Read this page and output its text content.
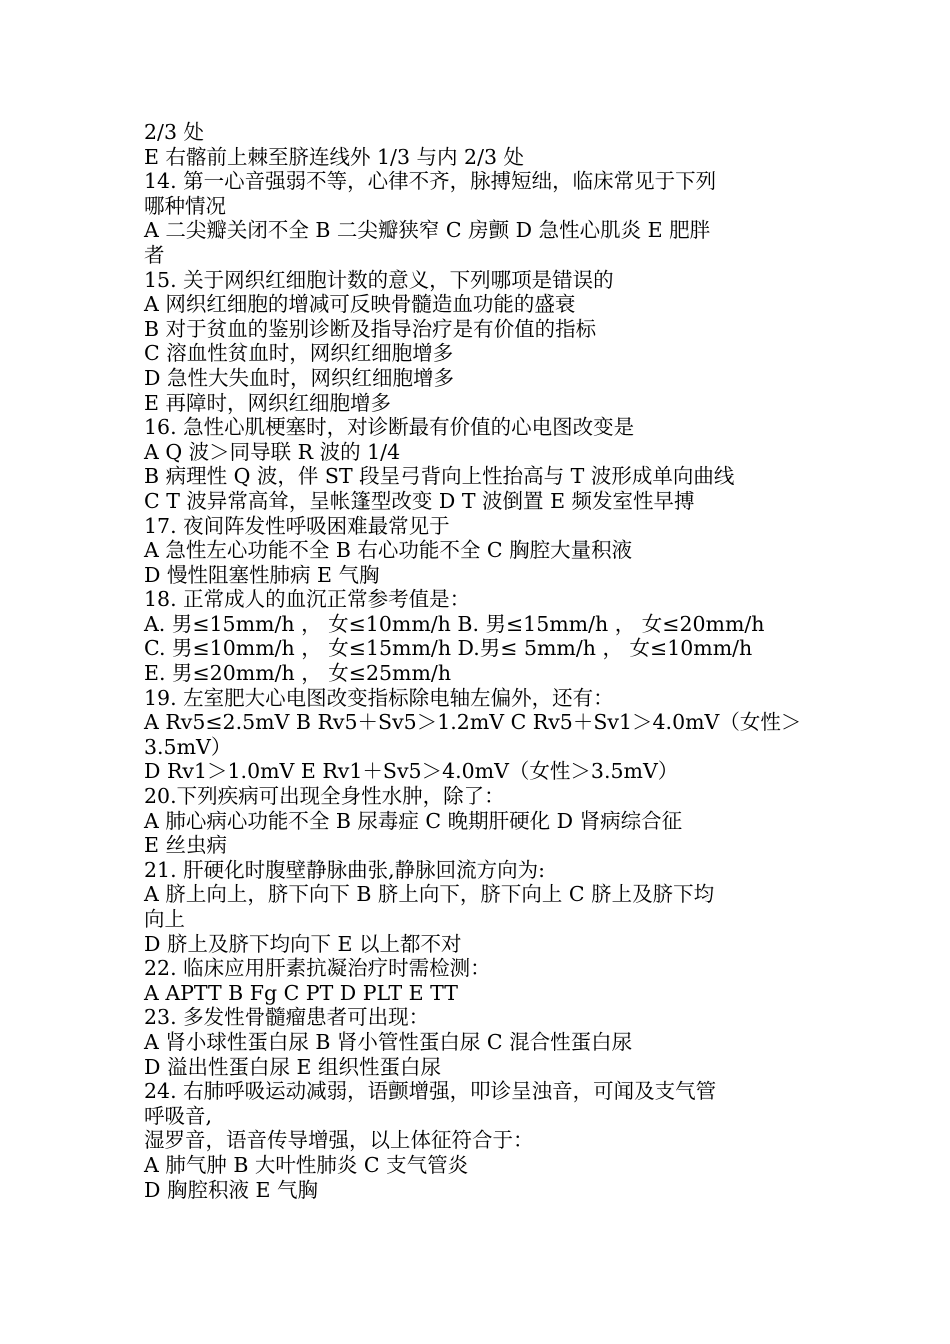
2/3 处
E 右髂前上棘至脐连线外 1/3 与内 2/3 处
14. 第一心音强弱不等，心律不齐，脉搏短绌，临床常见于下列
哪种情况
A 二尖瓣关闭不全 B 二尖瓣狭窄 C 房颤 D 急性心肌炎 E 肥胖
者
15. 关于网织红细胞计数的意义，下列哪项是错误的
A 网织红细胞的增减可反映骨髓造血功能的盛衰
B 对于贫血的鉴别诊断及指导治疗是有价值的指标
C 溶血性贫血时，网织红细胞增多
D 急性大失血时，网织红细胞增多
E 再障时，网织红细胞增多
16. 急性心肌梗塞时，对诊断最有价值的心电图改变是
A Q 波＞同导联 R 波的 1/4
B 病理性 Q 波，伴 ST 段呈弓背向上性抬高与 T 波形成单向曲线
C T 波异常高耸，呈帐篷型改变 D T 波倒置 E 频发室性早搏
17. 夜间阵发性呼吸困难最常见于
A 急性左心功能不全 B 右心功能不全 C 胸腔大量积液
D 慢性阻塞性肺病 E 气胸
18. 正常成人的血沉正常参考值是：
A. 男≤15mm/h ， 女≤10mm/h B. 男≤15mm/h ， 女≤20mm/h
C. 男≤10mm/h ， 女≤15mm/h D.男≤ 5mm/h ， 女≤10mm/h
E. 男≤20mm/h ， 女≤25mm/h
19. 左室肥大心电图改变指标除电轴左偏外，还有：
A Rv5≤2.5mV B Rv5＋Sv5＞1.2mV C Rv5＋Sv1＞4.0mV（女性＞
3.5mV）
D Rv1＞1.0mV E Rv1＋Sv5＞4.0mV（女性＞3.5mV）
20.下列疾病可出现全身性水肿，除了：
A 肺心病心功能不全 B 尿毒症 C 晚期肝硬化 D 肾病综合征
E 丝虫病
21. 肝硬化时腹壁静脉曲张,静脉回流方向为:
A 脐上向上，脐下向下 B 脐上向下，脐下向上 C 脐上及脐下均
向上
D 脐上及脐下均向下 E 以上都不对
22. 临床应用肝素抗凝治疗时需检测：
A APTT B Fg C PT D PLT E TT
23. 多发性骨髓瘤患者可出现：
A 肾小球性蛋白尿 B 肾小管性蛋白尿 C 混合性蛋白尿
D 溢出性蛋白尿 E 组织性蛋白尿
24. 右肺呼吸运动减弱，语颤增强，叩诊呈浊音，可闻及支气管
呼吸音,
湿罗音，语音传导增强，以上体征符合于：
A 肺气肿 B 大叶性肺炎 C 支气管炎
D 胸腔积液 E 气胸
